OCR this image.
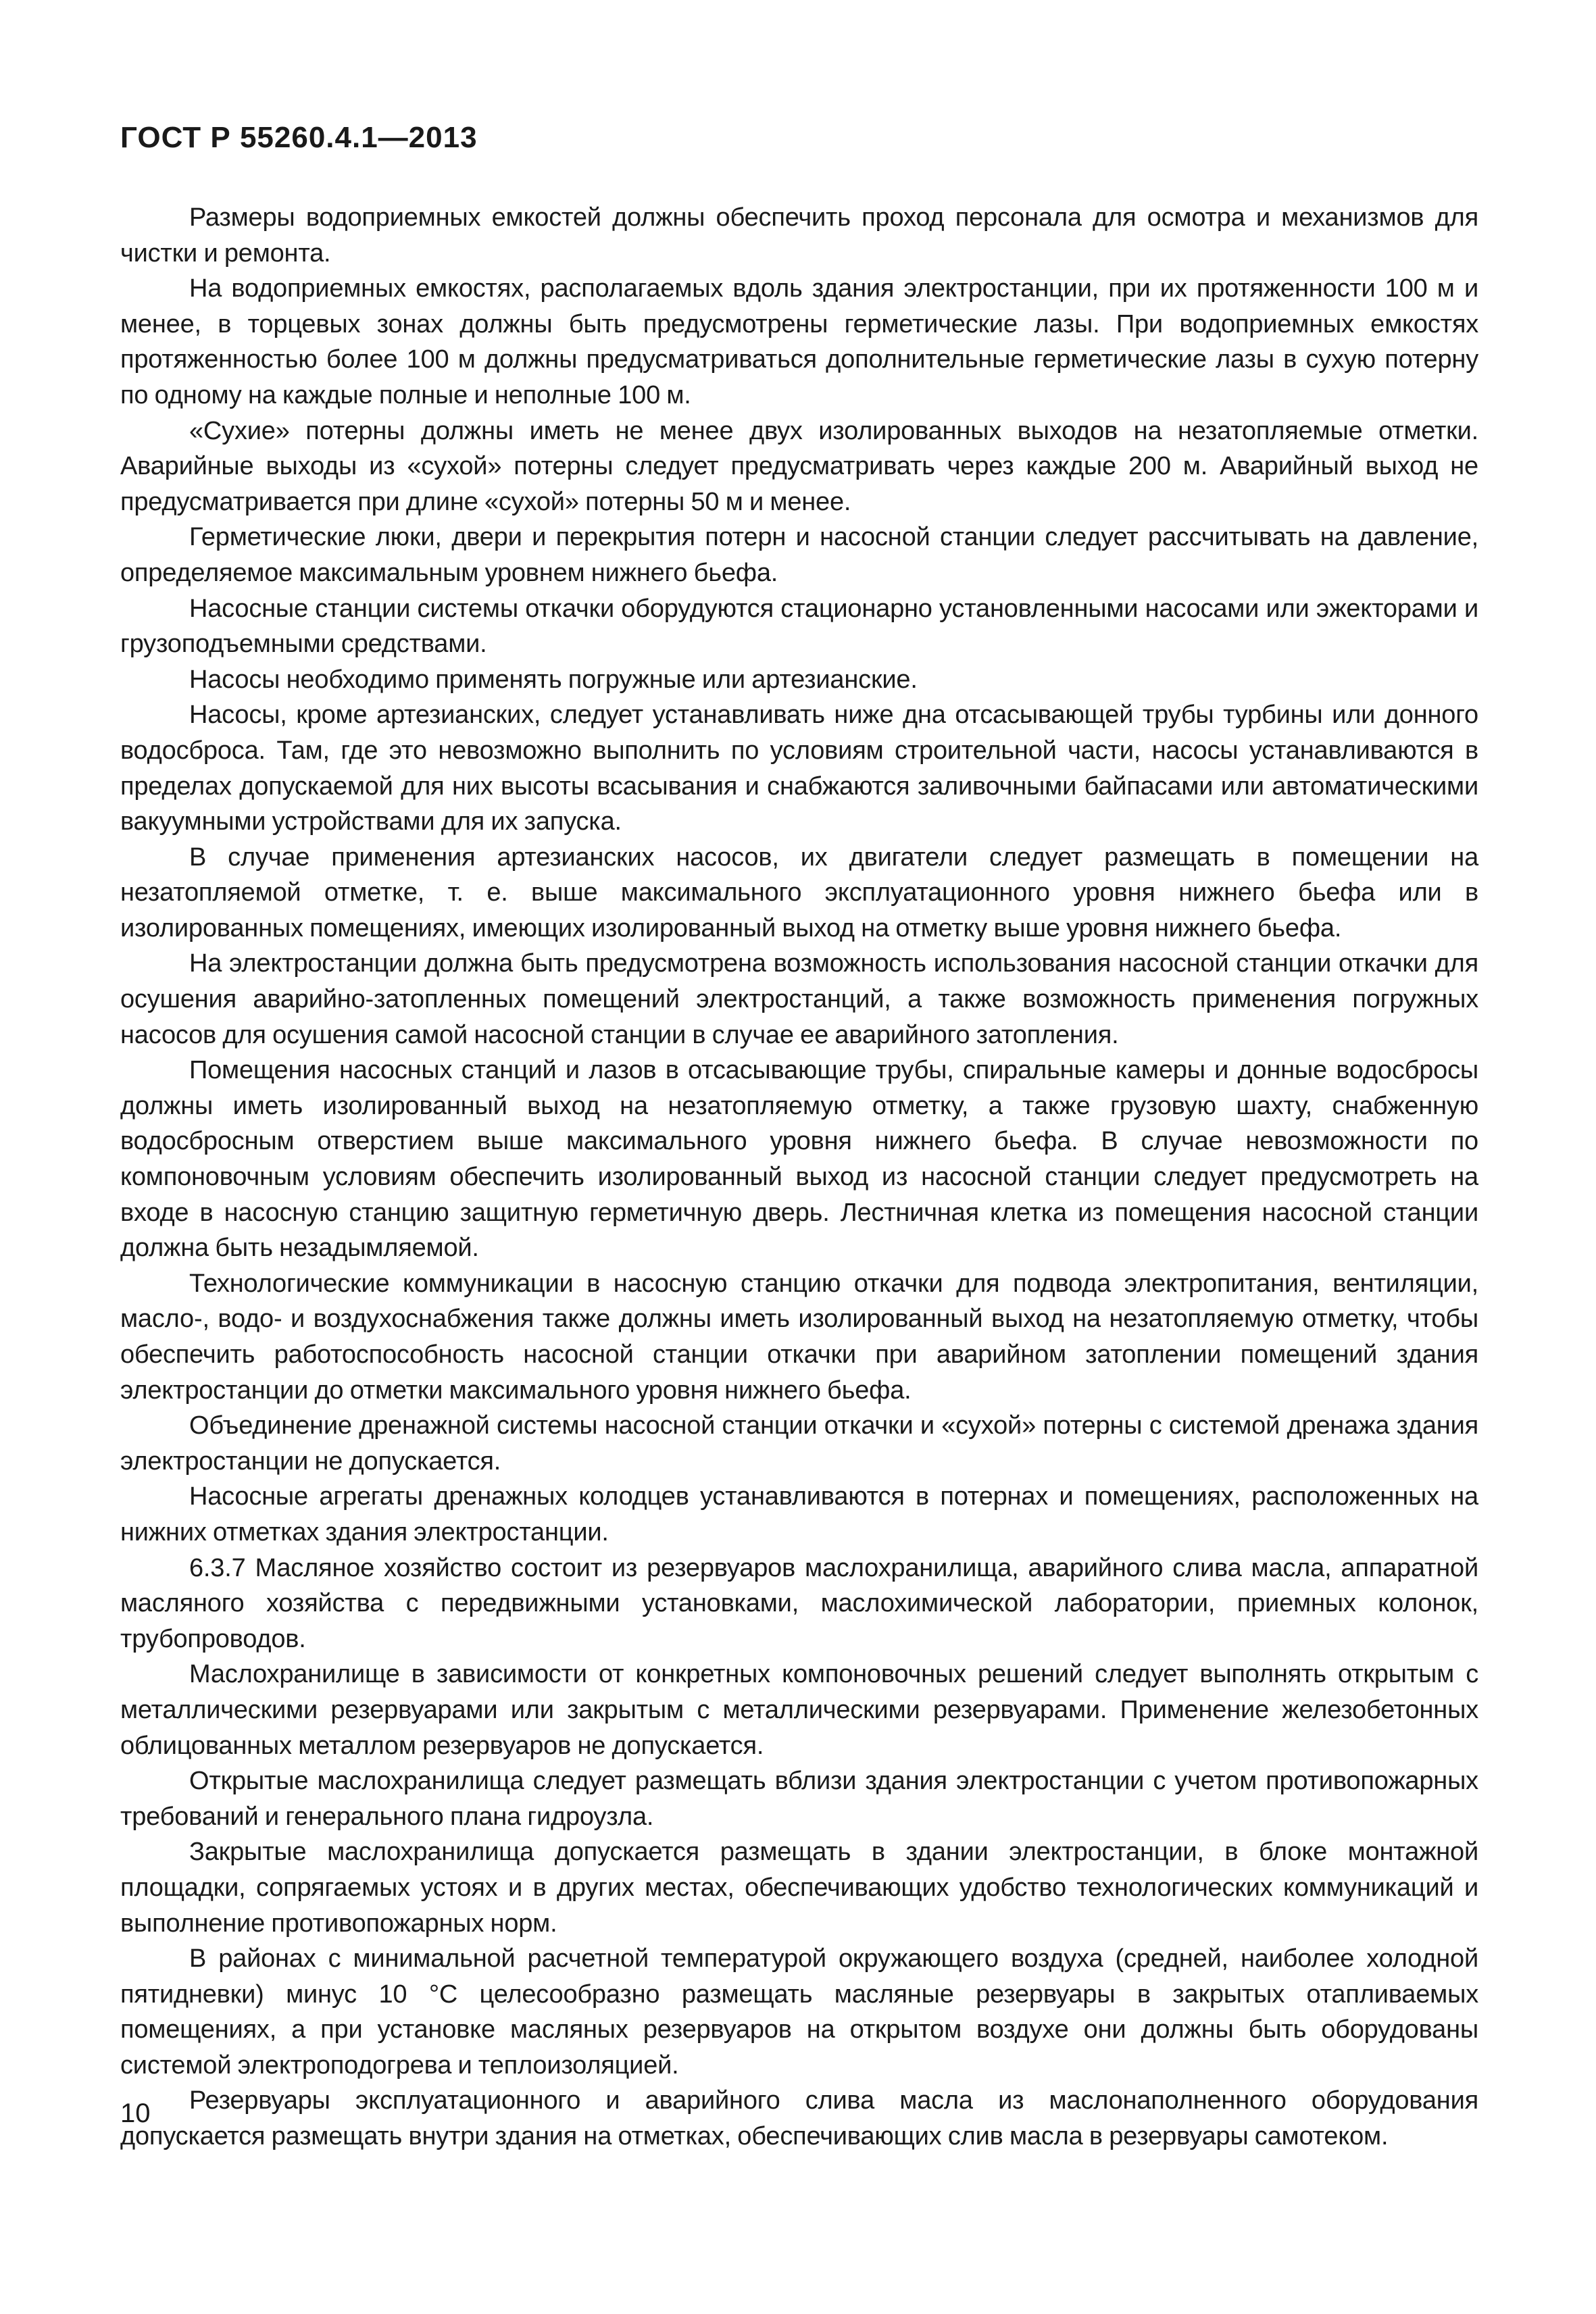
ГОСТ Р 55260.4.1—2013

Размеры водоприемных емкостей должны обеспечить проход персонала для осмотра и механизмов для чистки и ремонта.

На водоприемных емкостях, располагаемых вдоль здания электростанции, при их протяженности 100 м и менее, в торцевых зонах должны быть предусмотрены герметические лазы. При водоприемных емкостях протяженностью более 100 м должны предусматриваться дополнительные герметические лазы в сухую потерну по одному на каждые полные и неполные 100 м.

«Сухие» потерны должны иметь не менее двух изолированных выходов на незатопляемые отметки. Аварийные выходы из «сухой» потерны следует предусматривать через каждые 200 м. Аварийный выход не предусматривается при длине «сухой» потерны 50 м и менее.

Герметические люки, двери и перекрытия потерн и насосной станции следует рассчитывать на давление, определяемое максимальным уровнем нижнего бьефа.

Насосные станции системы откачки оборудуются стационарно установленными насосами или эжекторами и грузоподъемными средствами.

Насосы необходимо применять погружные или артезианские.

Насосы, кроме артезианских, следует устанавливать ниже дна отсасывающей трубы турбины или донного водосброса. Там, где это невозможно выполнить по условиям строительной части, насосы устанавливаются в пределах допускаемой для них высоты всасывания и снабжаются заливочными байпасами или автоматическими вакуумными устройствами для их запуска.

В случае применения артезианских насосов, их двигатели следует размещать в помещении на незатопляемой отметке, т. е. выше максимального эксплуатационного уровня нижнего бьефа или в изолированных помещениях, имеющих изолированный выход на отметку выше уровня нижнего бьефа.

На электростанции должна быть предусмотрена возможность использования насосной станции откачки для осушения аварийно-затопленных помещений электростанций, а также возможность применения погружных насосов для осушения самой насосной станции в случае ее аварийного затопления.

Помещения насосных станций и лазов в отсасывающие трубы, спиральные камеры и донные водосбросы должны иметь изолированный выход на незатопляемую отметку, а также грузовую шахту, снабженную водосбросным отверстием выше максимального уровня нижнего бьефа. В случае невозможности по компоновочным условиям обеспечить изолированный выход из насосной станции следует предусмотреть на входе в насосную станцию защитную герметичную дверь. Лестничная клетка из помещения насосной станции должна быть незадымляемой.

Технологические коммуникации в насосную станцию откачки для подвода электропитания, вентиляции, масло-, водо- и воздухоснабжения также должны иметь изолированный выход на незатопляемую отметку, чтобы обеспечить работоспособность насосной станции откачки при аварийном затоплении помещений здания электростанции до отметки максимального уровня нижнего бьефа.

Объединение дренажной системы насосной станции откачки и «сухой» потерны с системой дренажа здания электростанции не допускается.

Насосные агрегаты дренажных колодцев устанавливаются в потернах и помещениях, расположенных на нижних отметках здания электростанции.

6.3.7 Масляное хозяйство состоит из резервуаров маслохранилища, аварийного слива масла, аппаратной масляного хозяйства с передвижными установками, маслохимической лаборатории, приемных колонок, трубопроводов.

Маслохранилище в зависимости от конкретных компоновочных решений следует выполнять открытым с металлическими резервуарами или закрытым с металлическими резервуарами. Применение железобетонных облицованных металлом резервуаров не допускается.

Открытые маслохранилища следует размещать вблизи здания электростанции с учетом противопожарных требований и генерального плана гидроузла.

Закрытые маслохранилища допускается размещать в здании электростанции, в блоке монтажной площадки, сопрягаемых устоях и в других местах, обеспечивающих удобство технологических коммуникаций и выполнение противопожарных норм.

В районах с минимальной расчетной температурой окружающего воздуха (средней, наиболее холодной пятидневки) минус 10 °С целесообразно размещать масляные резервуары в закрытых отапливаемых помещениях, а при установке масляных резервуаров на открытом воздухе они должны быть оборудованы системой электроподогрева и теплоизоляцией.

Резервуары эксплуатационного и аварийного слива масла из маслонаполненного оборудования допускается размещать внутри здания на отметках, обеспечивающих слив масла в резервуары самотеком.

10
